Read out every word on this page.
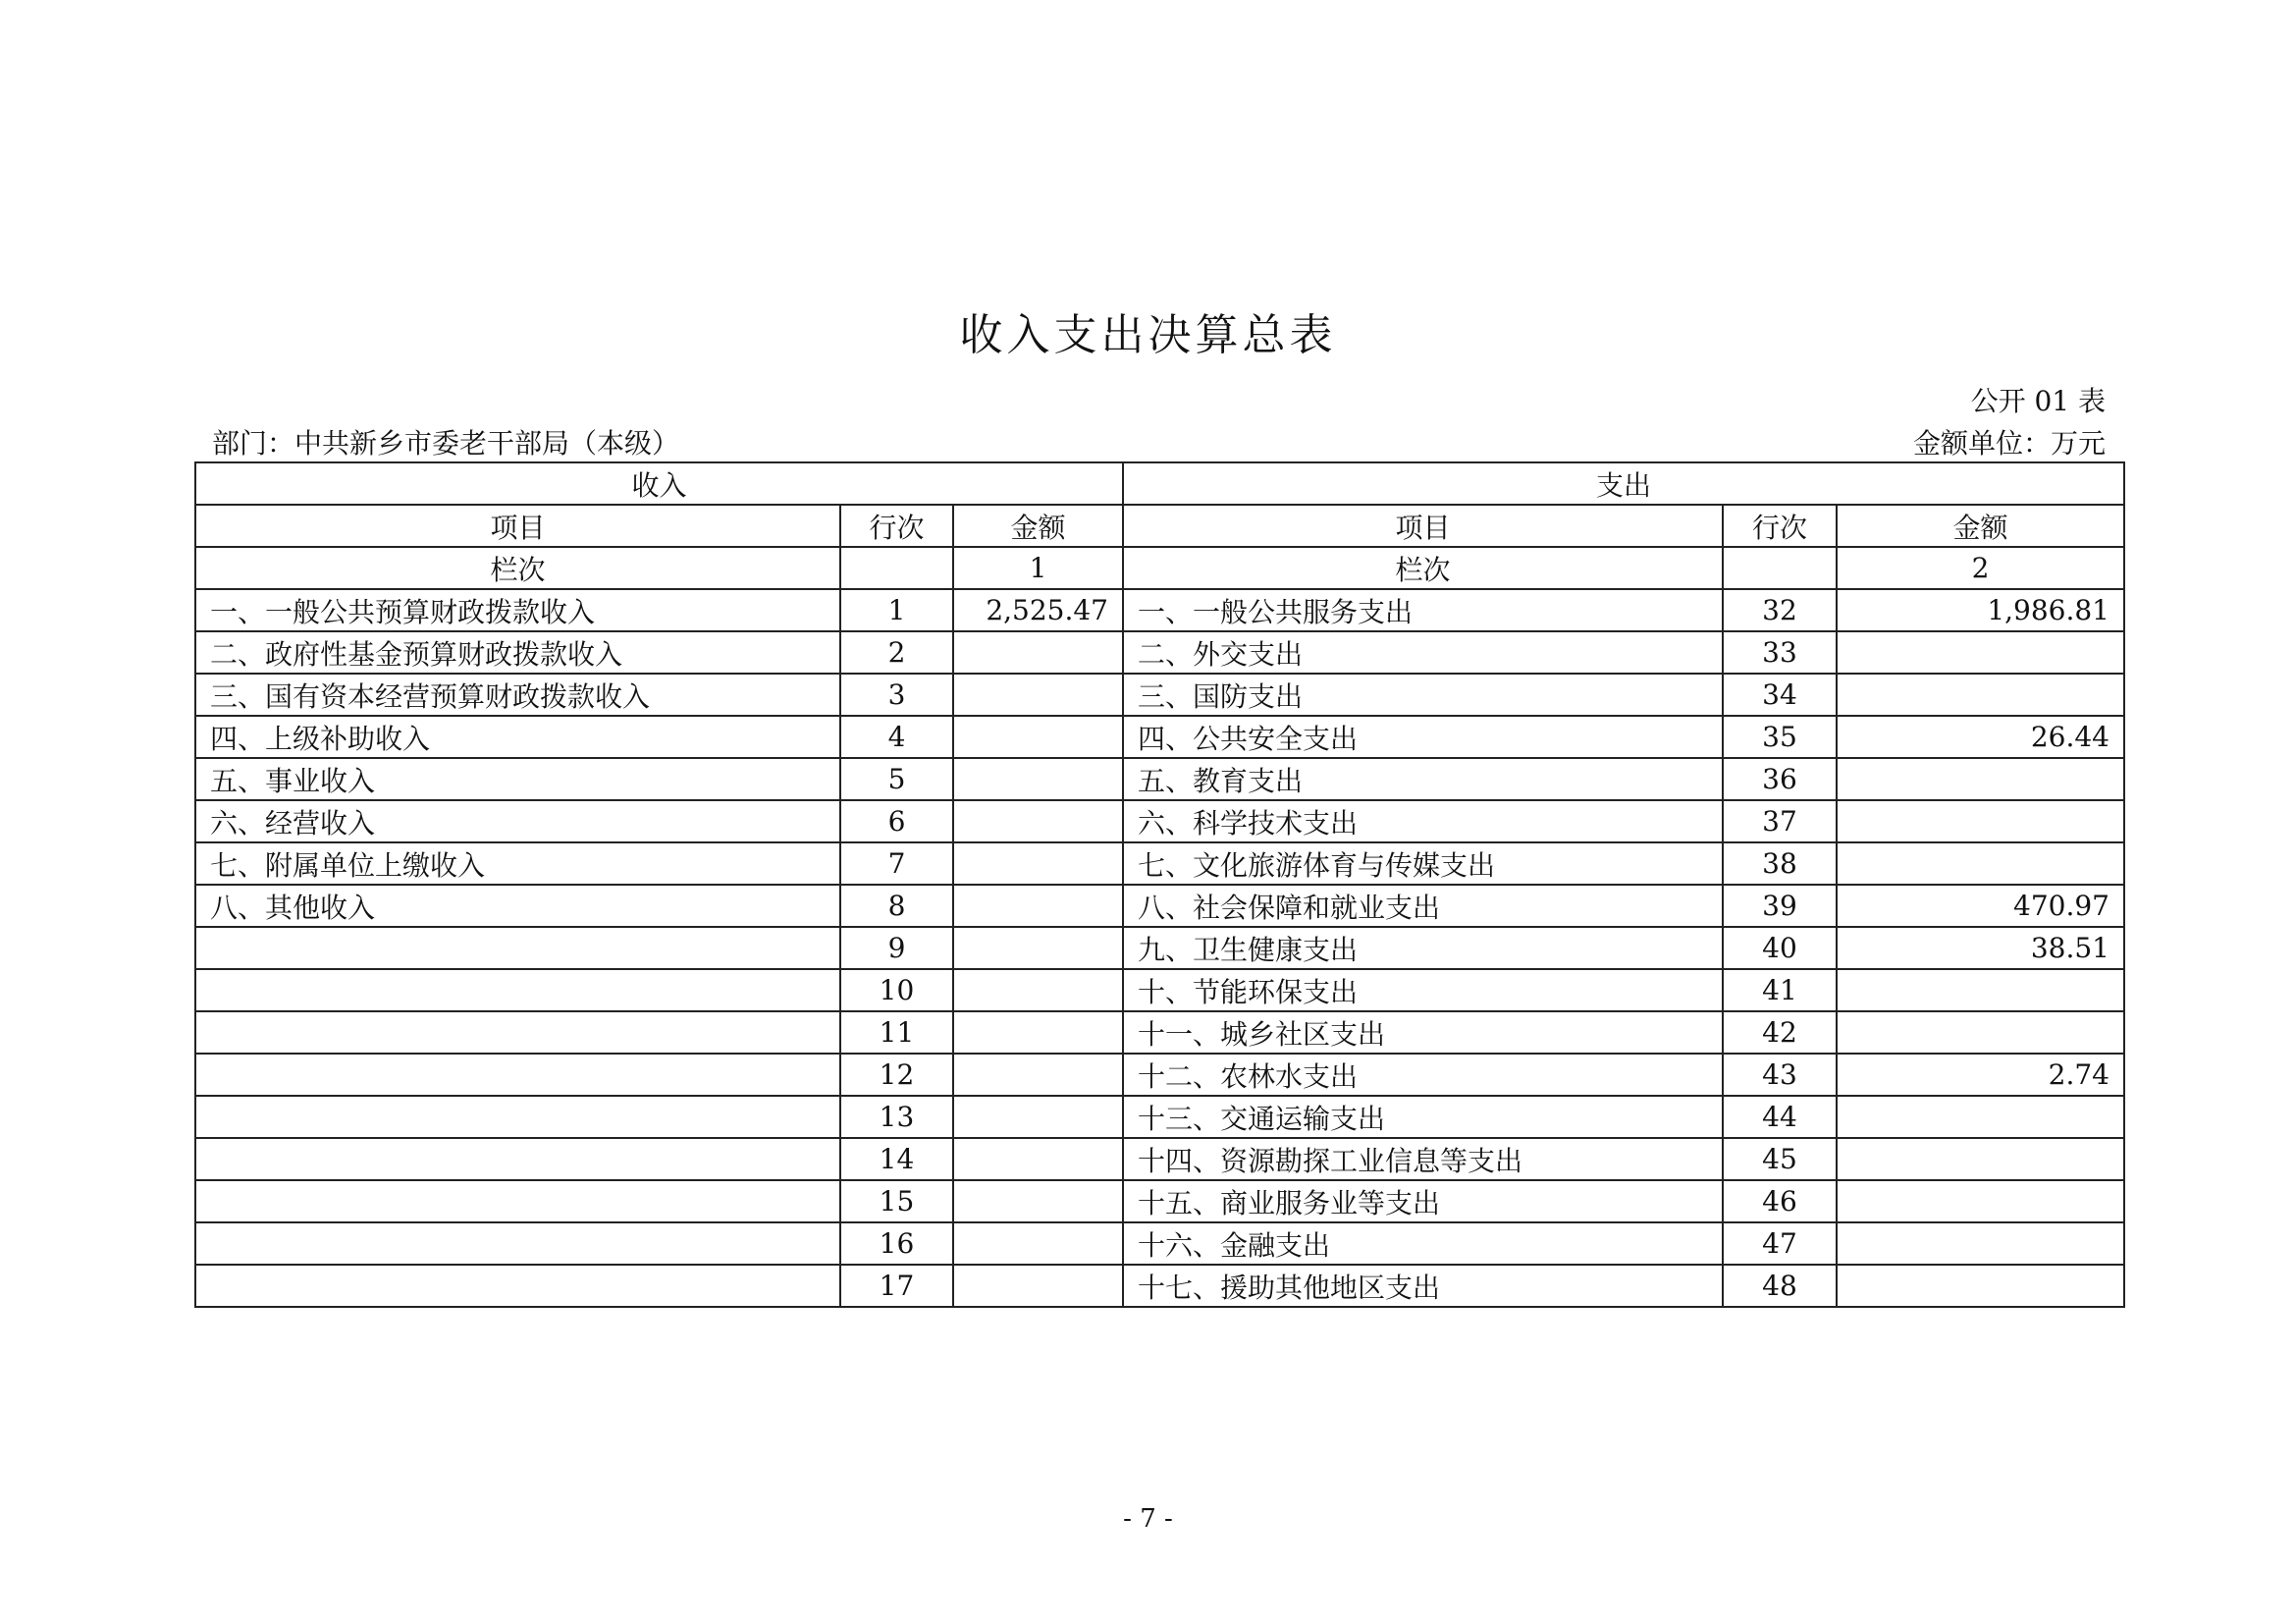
收入支出决算总表
公开 01 表
部门：中共新乡市委老干部局（本级）	金额单位：万元
收入			支出		
项目	行次	金额	项目	行次	金额
栏次		1	栏次		2
一、一般公共预算财政拨款收入	1	2,525.47	一、一般公共服务支出	32	1,986.81
二、政府性基金预算财政拨款收入	2		二、外交支出	33	
三、国有资本经营预算财政拨款收入	3		三、国防支出	34	
四、上级补助收入	4		四、公共安全支出	35	26.44
五、事业收入	5		五、教育支出	36	
六、经营收入	6		六、科学技术支出	37	
七、附属单位上缴收入	7		七、文化旅游体育与传媒支出	38	
八、其他收入	8		八、社会保障和就业支出	39	470.97
	9		九、卫生健康支出	40	38.51
	10		十、节能环保支出	41	
	11		十一、城乡社区支出	42	
	12		十二、农林水支出	43	2.74
	13		十三、交通运输支出	44	
	14		十四、资源勘探工业信息等支出	45	
	15		十五、商业服务业等支出	46	
	16		十六、金融支出	47	
	17		十七、援助其他地区支出	48	
- 7 -
